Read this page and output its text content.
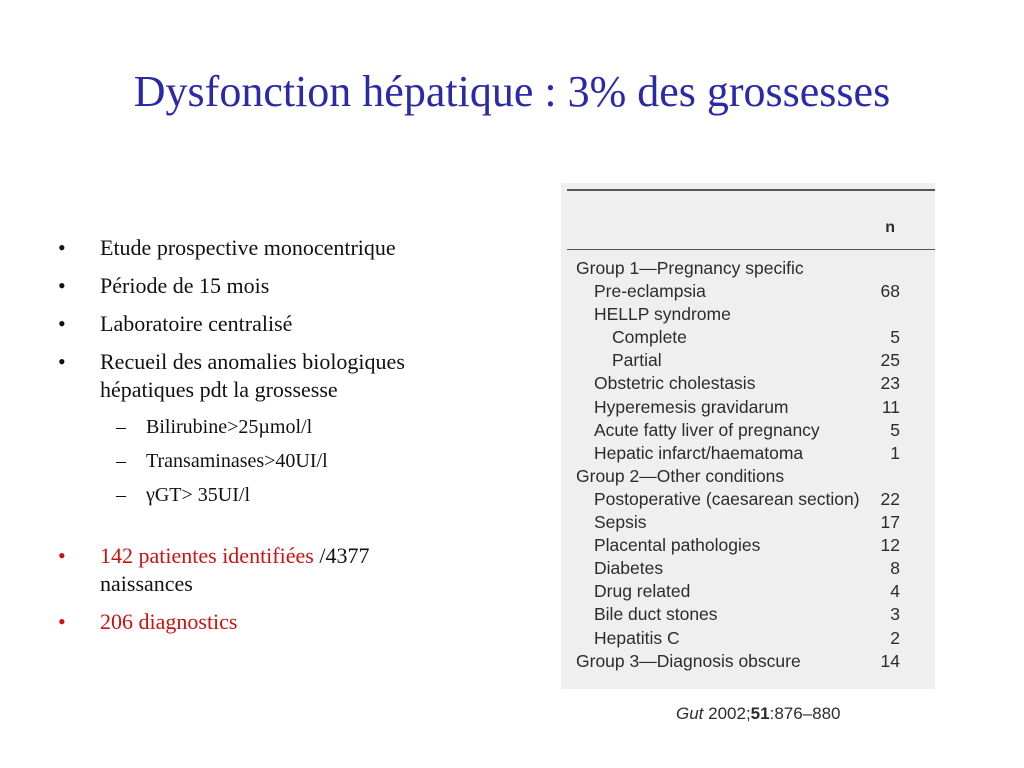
Dysfonction hépatique : 3% des grossesses
• Etude prospective monocentrique
• Période de 15 mois
• Laboratoire centralisé
• Recueil des anomalies biologiques
hépatiques pdt la grossesse
– Bilirubine>25µmol/l
– Transaminases>40UI/l
– γGT> 35UI/l
• 142 patientes identifiées /4377
naissances
• 206 diagnostics
n
Group 1—Pregnancy specific
Pre-eclampsia	68
HELLP syndrome
Complete	5
Partial	25
Obstetric cholestasis	23
Hyperemesis gravidarum	11
Acute fatty liver of pregnancy	5
Hepatic infarct/haematoma	1
Group 2—Other conditions
Postoperative (caesarean section) 22
Sepsis	17
Placental pathologies	12
Diabetes	8
Drug related	4
Bile duct stones	3
Hepatitis C	2
Group 3—Diagnosis obscure	14
Gut 2002;51:876–880
